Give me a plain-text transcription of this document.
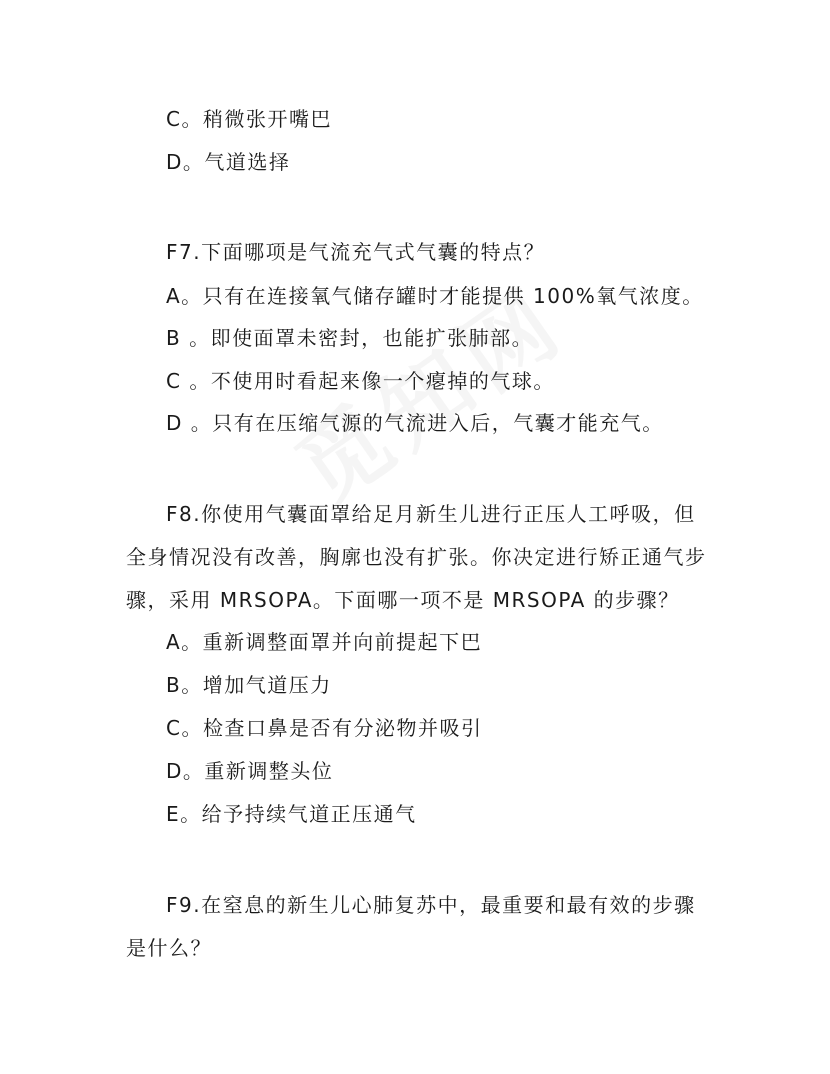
C。稍微张开嘴巴
D。气道选择
F7.下面哪项是气流充气式气囊的特点？
A。只有在连接氧气储存罐时才能提供 100%氧气浓度。
B 。即使面罩未密封，也能扩张肺部。
C 。不使用时看起来像一个瘪掉的气球。
D 。只有在压缩气源的气流进入后，气囊才能充气。
F8.你使用气囊面罩给足月新生儿进行正压人工呼吸，但
全身情况没有改善，胸廓也没有扩张。你决定进行矫正通气步
骤，采用 MRSOPA。下面哪一项不是 MRSOPA 的步骤？
A。重新调整面罩并向前提起下巴
B。增加气道压力
C。检查口鼻是否有分泌物并吸引
D。重新调整头位
E。给予持续气道正压通气
F9.在窒息的新生儿心肺复苏中，最重要和最有效的步骤
是什么？
